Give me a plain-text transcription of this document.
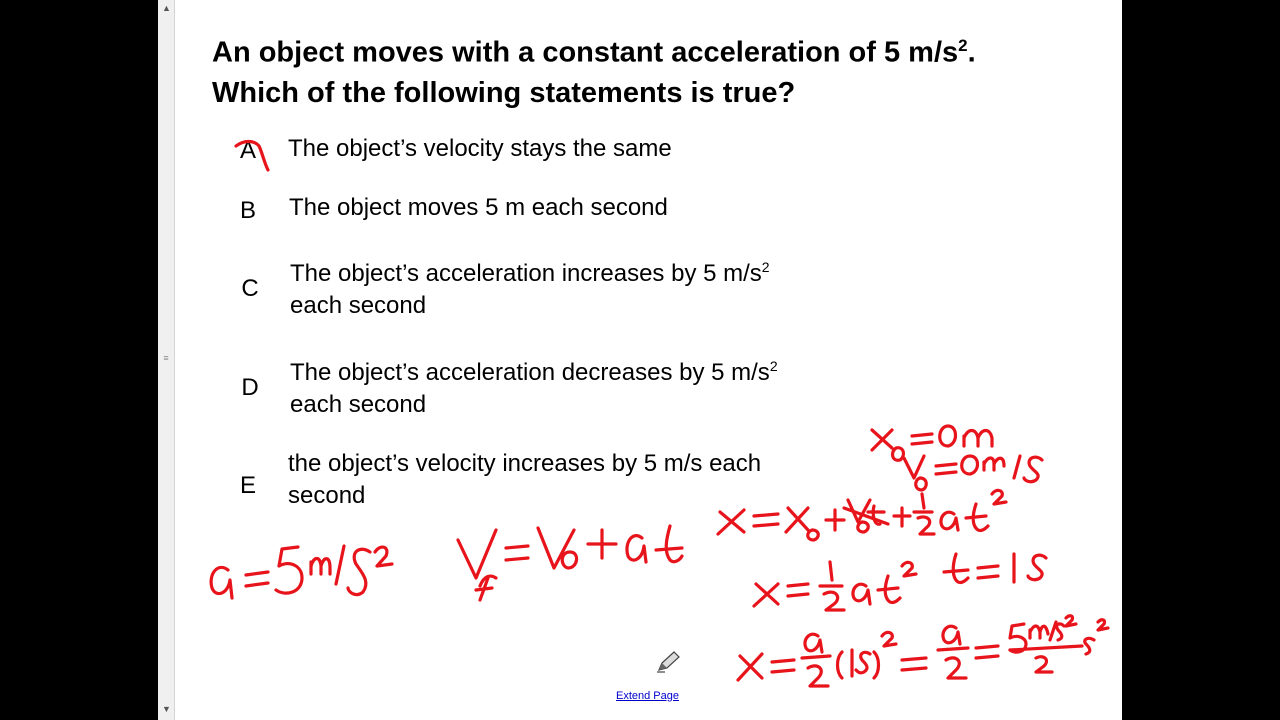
▲
≡
▼
An object moves with a constant acceleration of 5 $m/s^2$.
Which of the following statements is true?
A The object’s velocity stays the same
B The object moves 5 m each second
C
The object’s acceleration increases by 5 $m/s^2$
each second
D
The object’s acceleration decreases by 5 $m/s^2$
each second
E
the object’s velocity increases by 5 m/s each
second
Extend Page
